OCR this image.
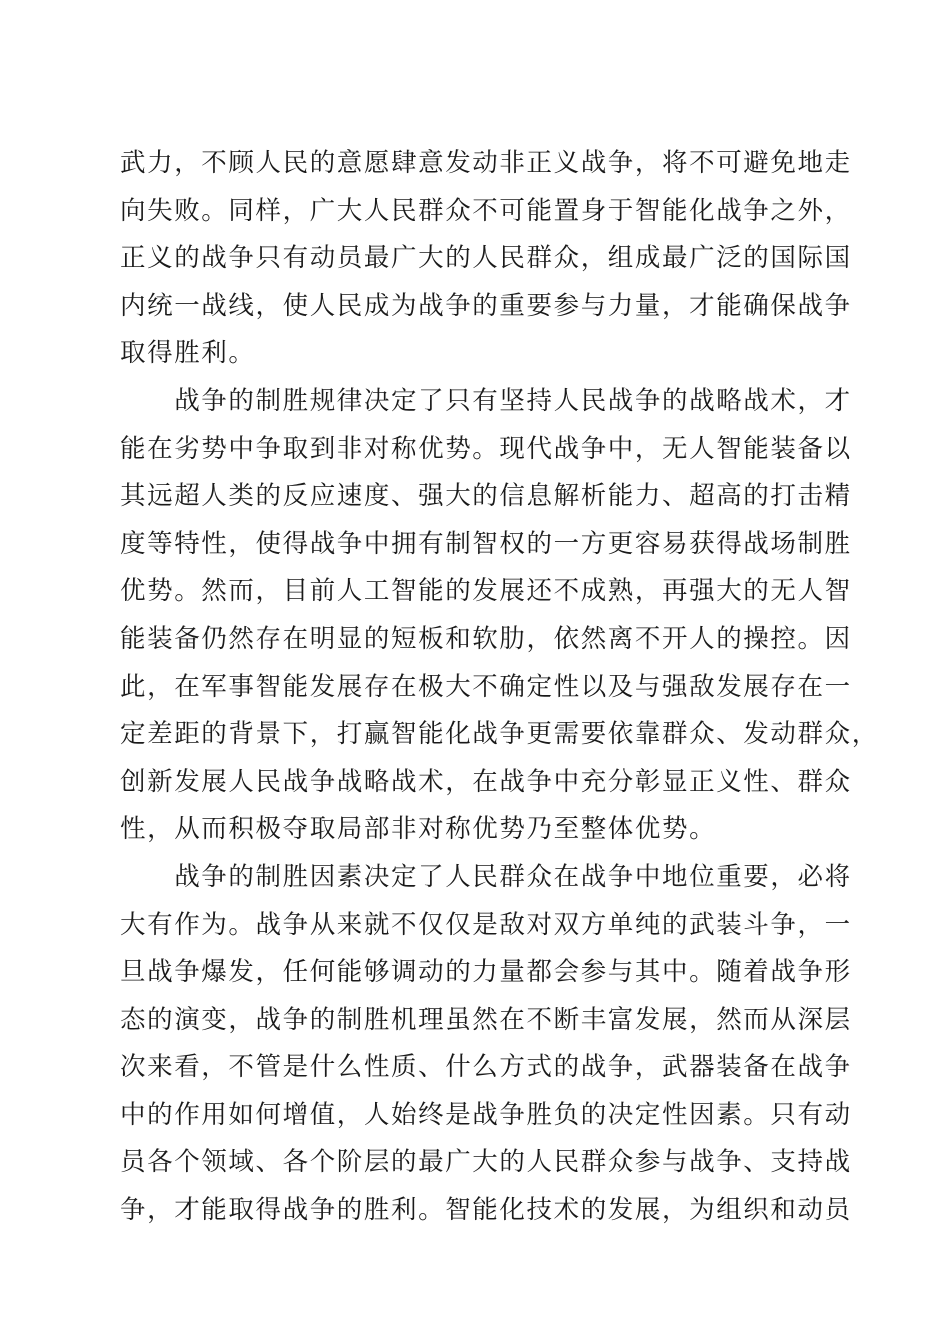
武力，不顾人民的意愿肆意发动非正义战争，将不可避免地走
向失败。同样，广大人民群众不可能置身于智能化战争之外，
正义的战争只有动员最广大的人民群众，组成最广泛的国际国
内统一战线，使人民成为战争的重要参与力量，才能确保战争
取得胜利。
　　战争的制胜规律决定了只有坚持人民战争的战略战术，才
能在劣势中争取到非对称优势。现代战争中，无人智能装备以
其远超人类的反应速度、强大的信息解析能力、超高的打击精
度等特性，使得战争中拥有制智权的一方更容易获得战场制胜
优势。然而，目前人工智能的发展还不成熟，再强大的无人智
能装备仍然存在明显的短板和软肋，依然离不开人的操控。因
此，在军事智能发展存在极大不确定性以及与强敌发展存在一
定差距的背景下，打赢智能化战争更需要依靠群众、发动群众，
创新发展人民战争战略战术，在战争中充分彰显正义性、群众
性，从而积极夺取局部非对称优势乃至整体优势。
　　战争的制胜因素决定了人民群众在战争中地位重要，必将
大有作为。战争从来就不仅仅是敌对双方单纯的武装斗争，一
旦战争爆发，任何能够调动的力量都会参与其中。随着战争形
态的演变，战争的制胜机理虽然在不断丰富发展，然而从深层
次来看，不管是什么性质、什么方式的战争，武器装备在战争
中的作用如何增值，人始终是战争胜负的决定性因素。只有动
员各个领域、各个阶层的最广大的人民群众参与战争、支持战
争，才能取得战争的胜利。智能化技术的发展，为组织和动员
